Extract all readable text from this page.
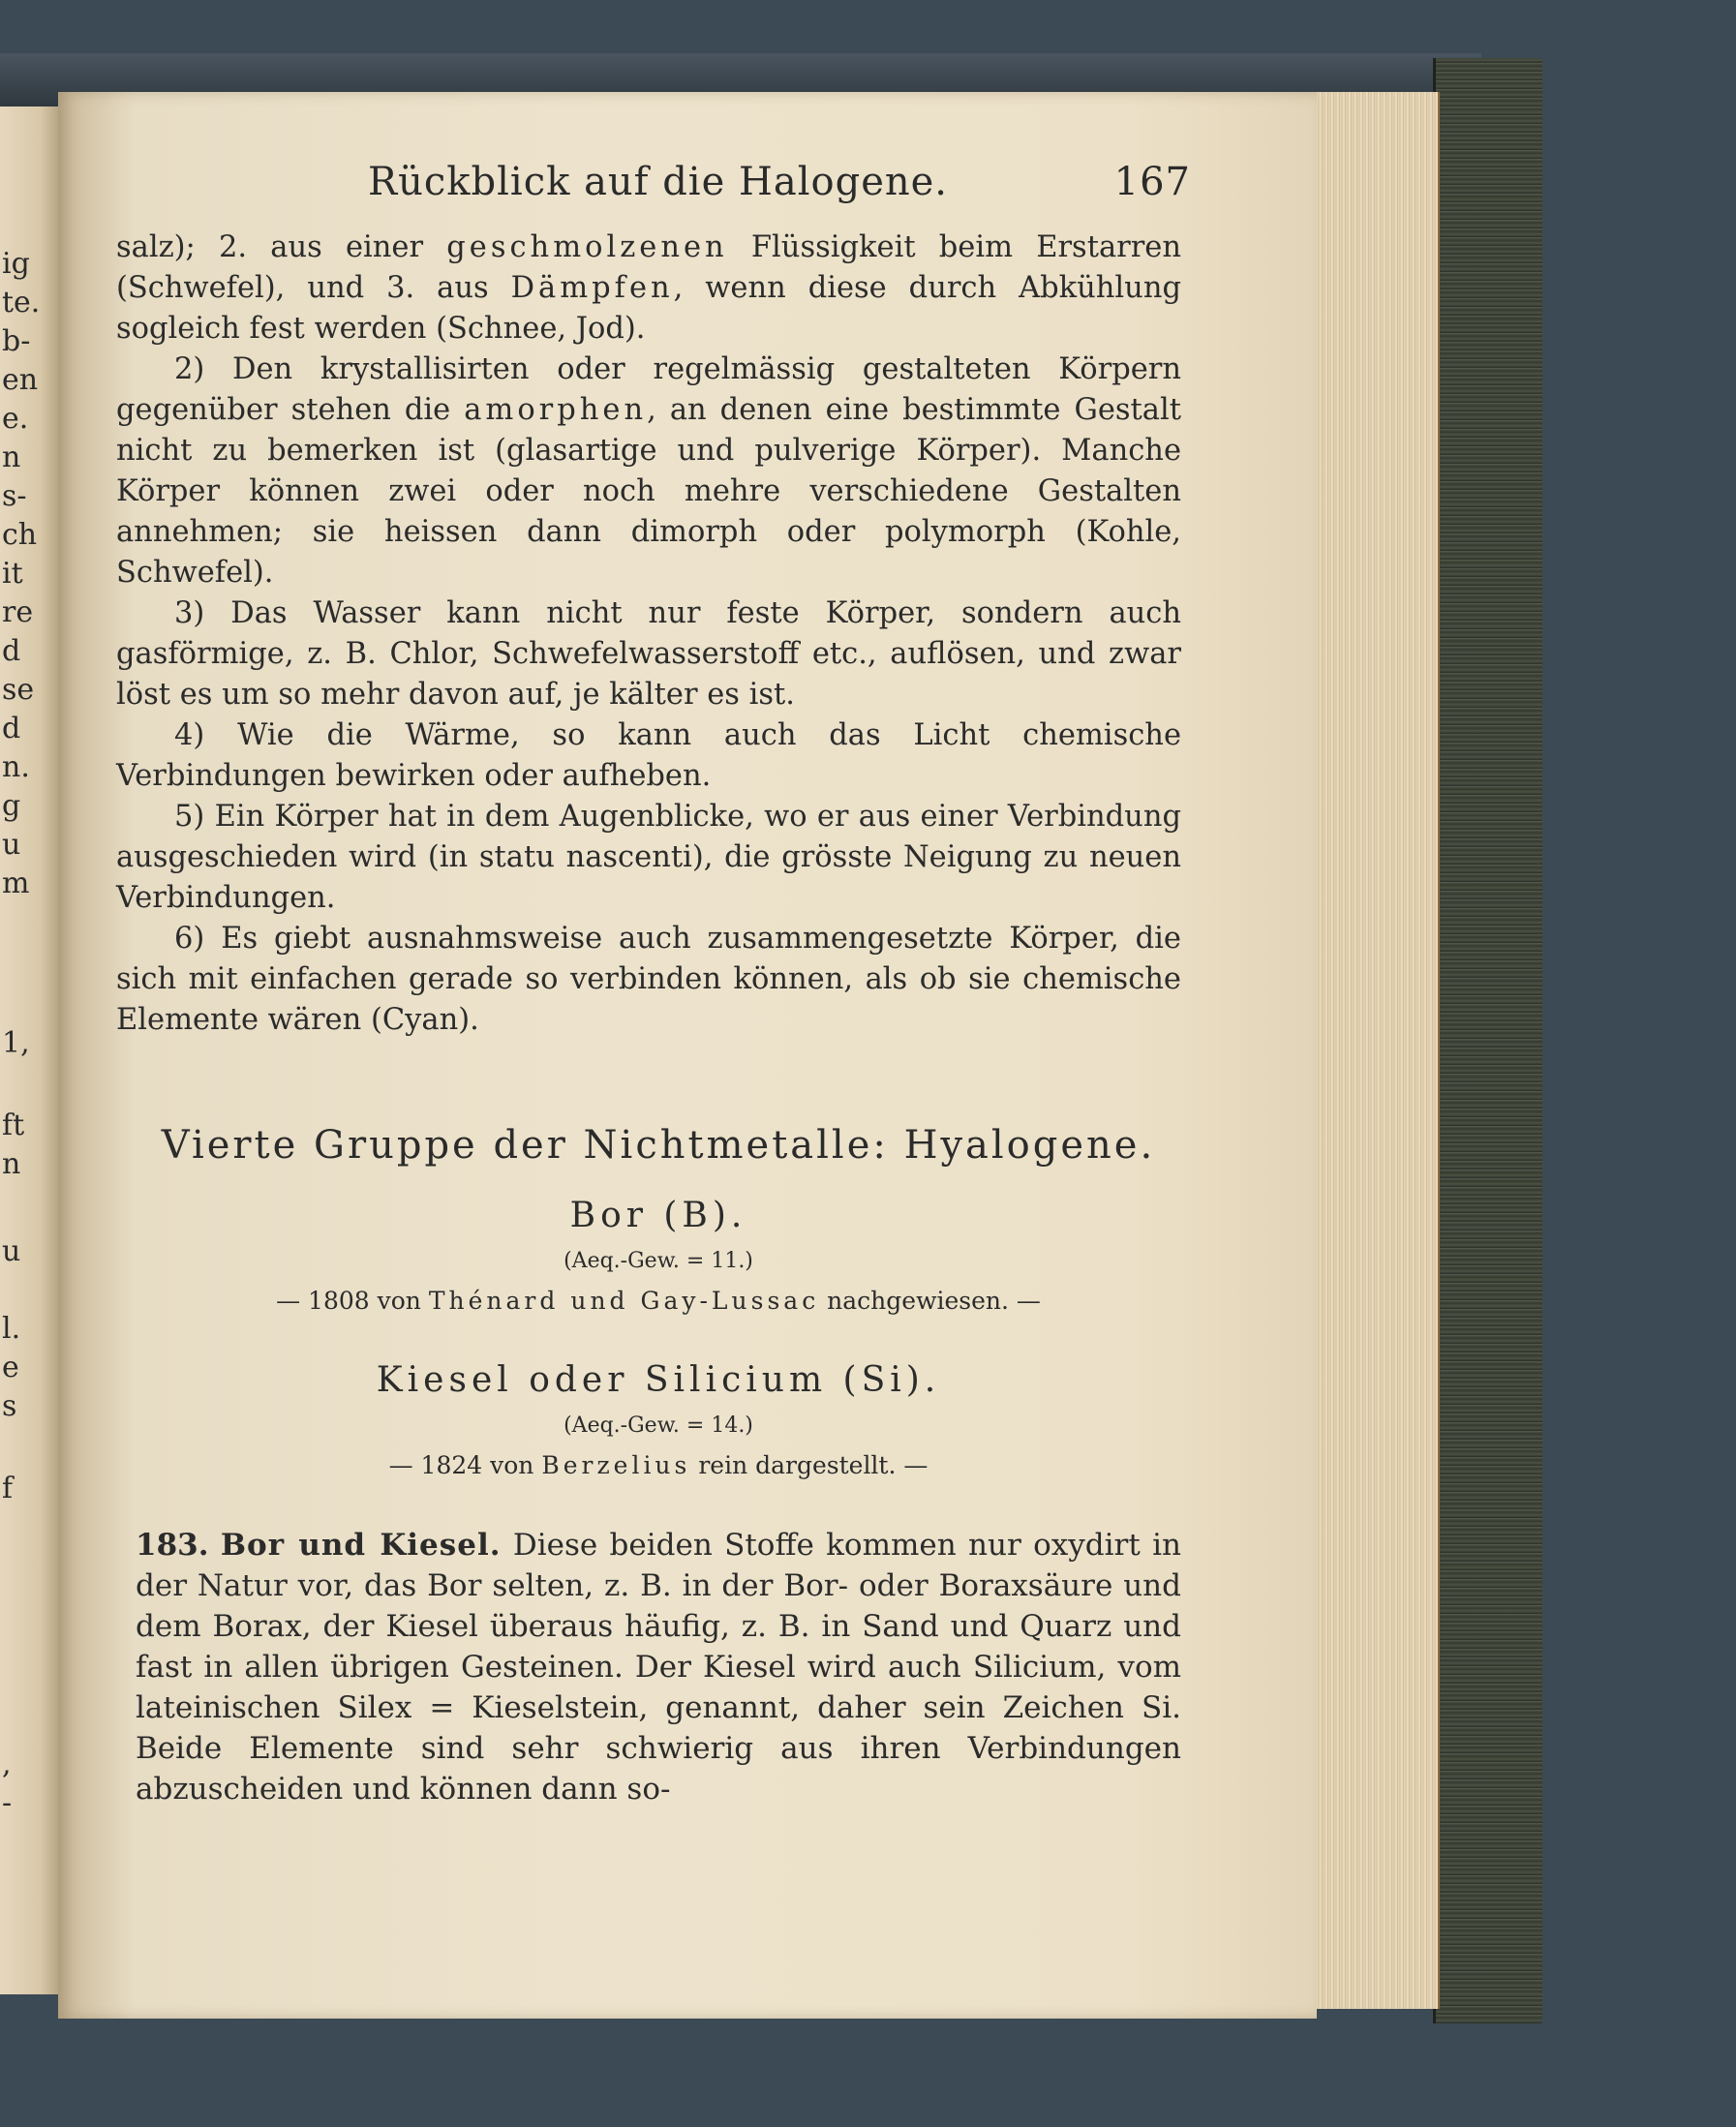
ig
te.
b-
en
e.
n
s-
ch
it
re
d
se
d
n.
g
u
m
1,
ft
n
u
l.
e
s
f
,
-
Rückblick auf die Halogene.	167

salz); 2. aus einer geschmolzenen Flüssigkeit beim Erstarren (Schwefel), und 3. aus Dämpfen, wenn diese durch Abkühlung sogleich fest werden (Schnee, Jod).

2) Den krystallisirten oder regelmässig gestalteten Körpern gegenüber stehen die amorphen, an denen eine bestimmte Gestalt nicht zu bemerken ist (glasartige und pulverige Körper). Manche Körper können zwei oder noch mehre verschiedene Gestalten annehmen; sie heissen dann dimorph oder polymorph (Kohle, Schwefel).

3) Das Wasser kann nicht nur feste Körper, sondern auch gasförmige, z. B. Chlor, Schwefelwasserstoff etc., auflösen, und zwar löst es um so mehr davon auf, je kälter es ist.

4) Wie die Wärme, so kann auch das Licht chemische Verbindungen bewirken oder aufheben.

5) Ein Körper hat in dem Augenblicke, wo er aus einer Verbindung ausgeschieden wird (in statu nascenti), die grösste Neigung zu neuen Verbindungen.

6) Es giebt ausnahmsweise auch zusammengesetzte Körper, die sich mit einfachen gerade so verbinden können, als ob sie chemische Elemente wären (Cyan).

Vierte Gruppe der Nichtmetalle: Hyalogene.
Bor (B).
(Aeq.-Gew. = 11.)
— 1808 von Thénard und Gay-Lussac nachgewiesen. —
Kiesel oder Silicium (Si).
(Aeq.-Gew. = 14.)
— 1824 von Berzelius rein dargestellt. —
183. Bor und Kiesel. Diese beiden Stoffe kommen nur oxydirt in der Natur vor, das Bor selten, z. B. in der Bor- oder Boraxsäure und dem Borax, der Kiesel überaus häufig, z. B. in Sand und Quarz und fast in allen übrigen Gesteinen. Der Kiesel wird auch Silicium, vom lateinischen Silex = Kieselstein, genannt, daher sein Zeichen Si. Beide Elemente sind sehr schwierig aus ihren Verbindungen abzuscheiden und können dann so-
